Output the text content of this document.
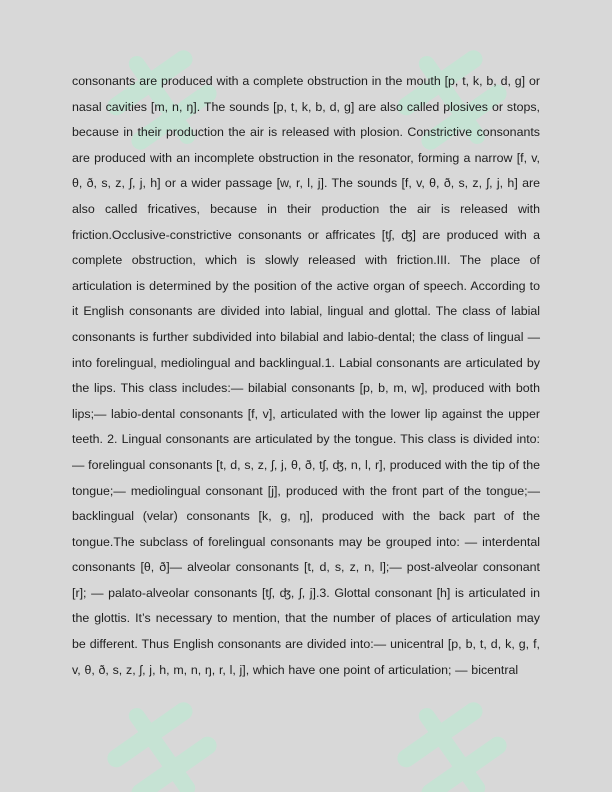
consonants are produced with a complete obstruction in the mouth [p, t, k, b, d, g] or nasal cavities [m, n, ŋ]. The sounds [p, t, k, b, d, g] are also called plosives or stops, because in their production the air is released with plosion. Constrictive consonants are produced with an incomplete obstruction in the resonator, forming a narrow [f, v, θ, ð, s, z, ʃ, j, h] or a wider passage [w, r, l, j]. The sounds [f, v, θ, ð, s, z, ʃ, j, h] are also called fricatives, because in their production the air is released with friction.Occlusive-constrictive consonants or affricates [tʃ, ʤ] are produced with a complete obstruction, which is slowly released with friction.III. The place of articulation is determined by the position of the active organ of speech. According to it English consonants are divided into labial, lingual and glottal. The class of labial consonants is further subdivided into bilabial and labio-dental; the class of lingual — into forelingual, mediolingual and backlingual.1. Labial consonants are articulated by the lips. This class includes:— bilabial consonants [p, b, m, w], produced with both lips;— labio-dental consonants [f, v], articulated with the lower lip against the upper teeth. 2. Lingual consonants are articulated by the tongue. This class is divided into: — forelingual consonants [t, d, s, z, ʃ, j, θ, ð, tʃ, ʤ, n, l, r], produced with the tip of the tongue;— mediolingual consonant [j], produced with the front part of the tongue;— backlingual (velar) consonants [k, g, ŋ], produced with the back part of the tongue.The subclass of forelingual consonants may be grouped into: — interdental consonants [θ, ð]— alveolar consonants [t, d, s, z, n, l];— post-alveolar consonant [r]; — palato-alveolar consonants [tʃ, ʤ, ʃ, j].3. Glottal consonant [h] is articulated in the glottis. It’s necessary to mention, that the number of places of articulation may be different. Thus English consonants are divided into:— unicentral [p, b, t, d, k, g, f, v, θ, ð, s, z, ʃ, j, h, m, n, ŋ, r, l, j], which have one point of articulation; — bicentral
